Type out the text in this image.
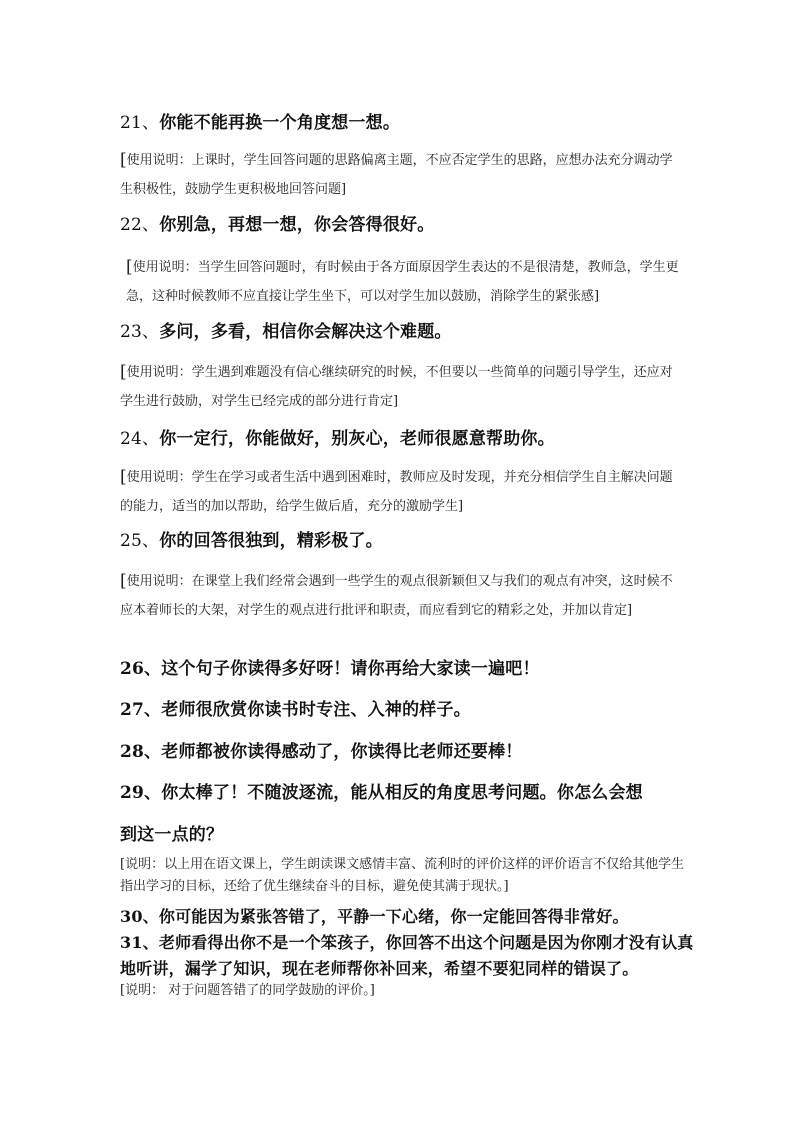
21、你能不能再换一个角度想一想。
[使用说明：上课时，学生回答问题的思路偏离主题，不应否定学生的思路，应想办法充分调动学生积极性，鼓励学生更积极地回答问题]
22、你别急，再想一想，你会答得很好。
[使用说明：当学生回答问题时，有时候由于各方面原因学生表达的不是很清楚，教师急，学生更急，这种时候教师不应直接让学生坐下，可以对学生加以鼓励，消除学生的紧张感]
23、多问，多看，相信你会解决这个难题。
[使用说明：学生遇到难题没有信心继续研究的时候，不但要以一些简单的问题引导学生，还应对学生进行鼓励，对学生已经完成的部分进行肯定]
24、你一定行，你能做好，别灰心，老师很愿意帮助你。
[使用说明：学生在学习或者生活中遇到困难时，教师应及时发现，并充分相信学生自主解决问题的能力，适当的加以帮助，给学生做后盾，充分的激励学生]
25、你的回答很独到，精彩极了。
[使用说明：在课堂上我们经常会遇到一些学生的观点很新颖但又与我们的观点有冲突，这时候不应本着师长的大架，对学生的观点进行批评和职责，而应看到它的精彩之处，并加以肯定]
26、这个句子你读得多好呀！请你再给大家读一遍吧！
27、老师很欣赏你读书时专注、入神的样子。
28、老师都被你读得感动了，你读得比老师还要棒！
29、你太棒了！不随波逐流，能从相反的角度思考问题。你怎么会想
到这一点的？
[说明：以上用在语文课上，学生朗读课文感情丰富、流利时的评价这样的评价语言不仅给其他学生指出学习的目标，还给了优生继续奋斗的目标，避免使其满于现状。]
30、你可能因为紧张答错了，平静一下心绪，你一定能回答得非常好。
31、老师看得出你不是一个笨孩子，你回答不出这个问题是因为你刚才没有认真
地听讲，漏学了知识，现在老师帮你补回来，希望不要犯同样的错误了。
[说明： 对于问题答错了的同学鼓励的评价。]
